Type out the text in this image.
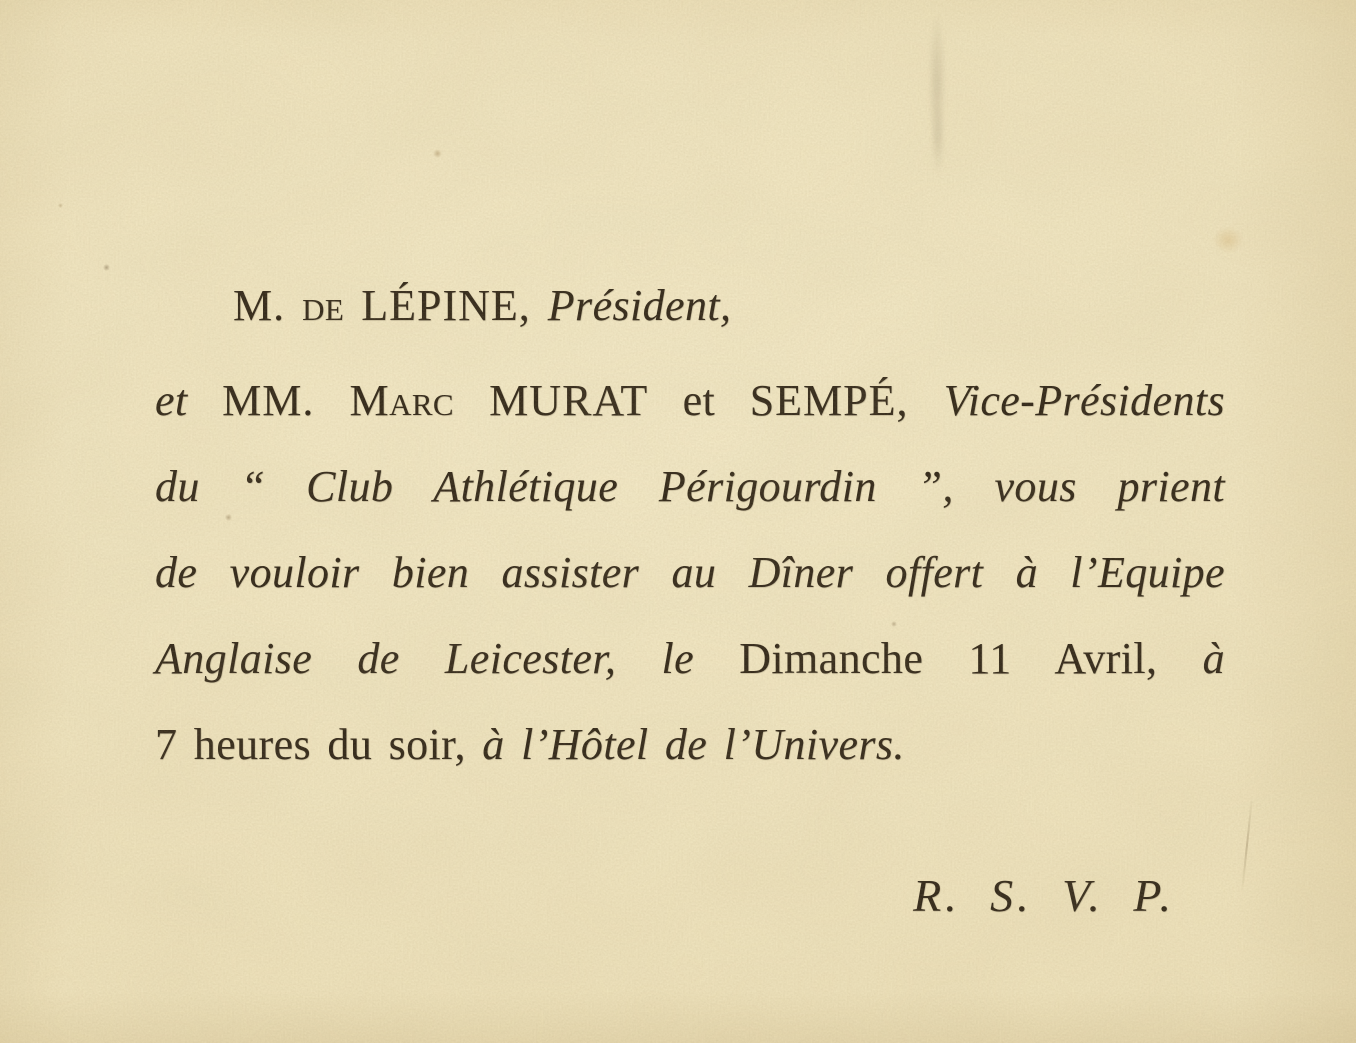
M. de LÉPINE, Président,
et MM. Marc MURAT et SEMPÉ, Vice-Présidents
du “ Club Athlétique Périgourdin ”, vous prient
de vouloir bien assister au Dîner offert à l’Equipe
Anglaise de Leicester, le Dimanche 11 Avril, à
7 heures du soir, à l’Hôtel de l’Univers.
R. S. V. P.
